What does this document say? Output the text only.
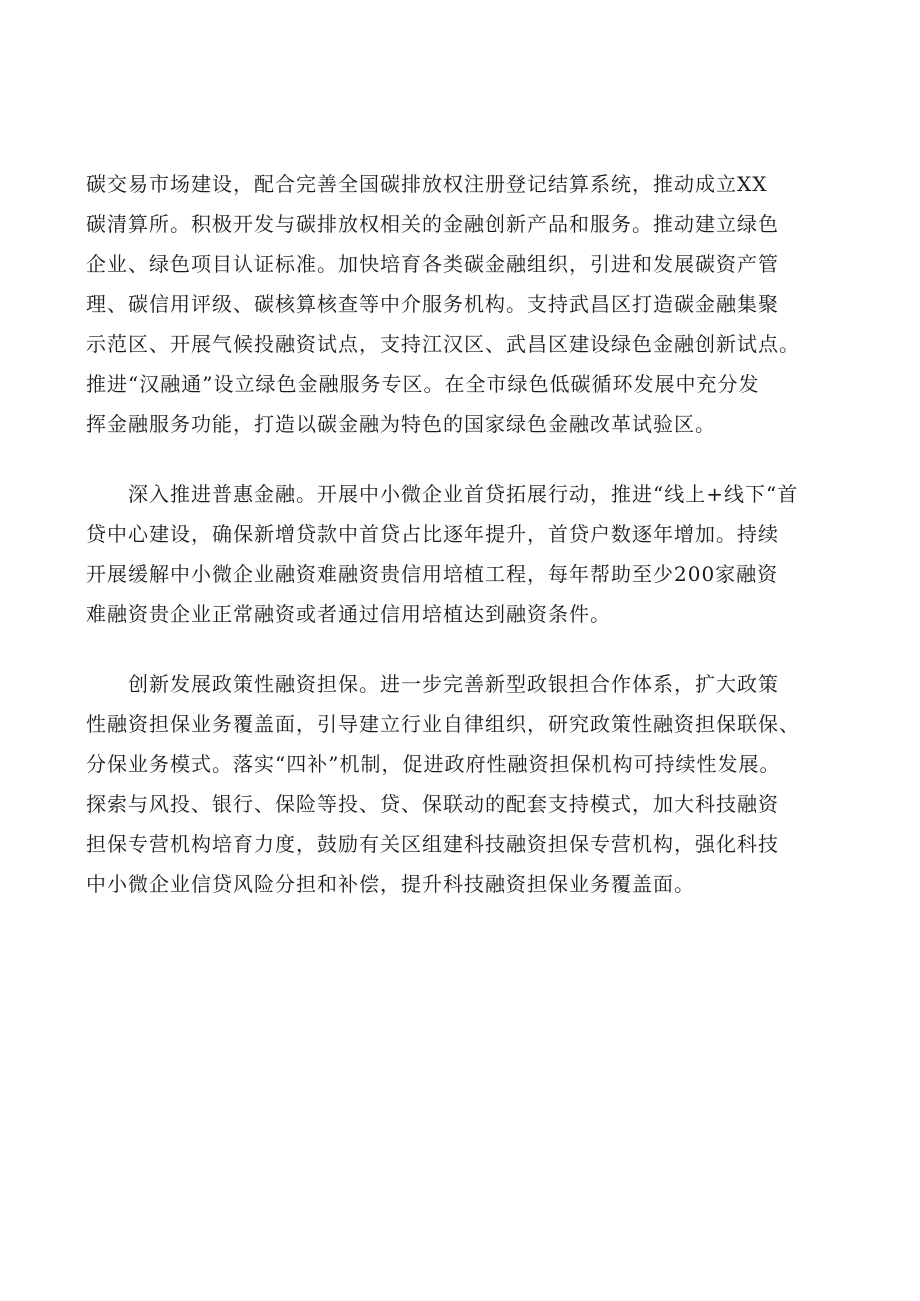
碳交易市场建设，配合完善全国碳排放权注册登记结算系统，推动成立XX
碳清算所。积极开发与碳排放权相关的金融创新产品和服务。推动建立绿色
企业、绿色项目认证标准。加快培育各类碳金融组织，引进和发展碳资产管
理、碳信用评级、碳核算核查等中介服务机构。支持武昌区打造碳金融集聚
示范区、开展气候投融资试点，支持江汉区、武昌区建设绿色金融创新试点。
推进“汉融通”设立绿色金融服务专区。在全市绿色低碳循环发展中充分发
挥金融服务功能，打造以碳金融为特色的国家绿色金融改革试验区。

深入推进普惠金融。开展中小微企业首贷拓展行动，推进“线上+线下“首
贷中心建设，确保新增贷款中首贷占比逐年提升，首贷户数逐年增加。持续
开展缓解中小微企业融资难融资贵信用培植工程，每年帮助至少200家融资
难融资贵企业正常融资或者通过信用培植达到融资条件。

创新发展政策性融资担保。进一步完善新型政银担合作体系，扩大政策
性融资担保业务覆盖面，引导建立行业自律组织，研究政策性融资担保联保、
分保业务模式。落实“四补”机制，促进政府性融资担保机构可持续性发展。
探索与风投、银行、保险等投、贷、保联动的配套支持模式，加大科技融资
担保专营机构培育力度，鼓励有关区组建科技融资担保专营机构，强化科技
中小微企业信贷风险分担和补偿，提升科技融资担保业务覆盖面。
